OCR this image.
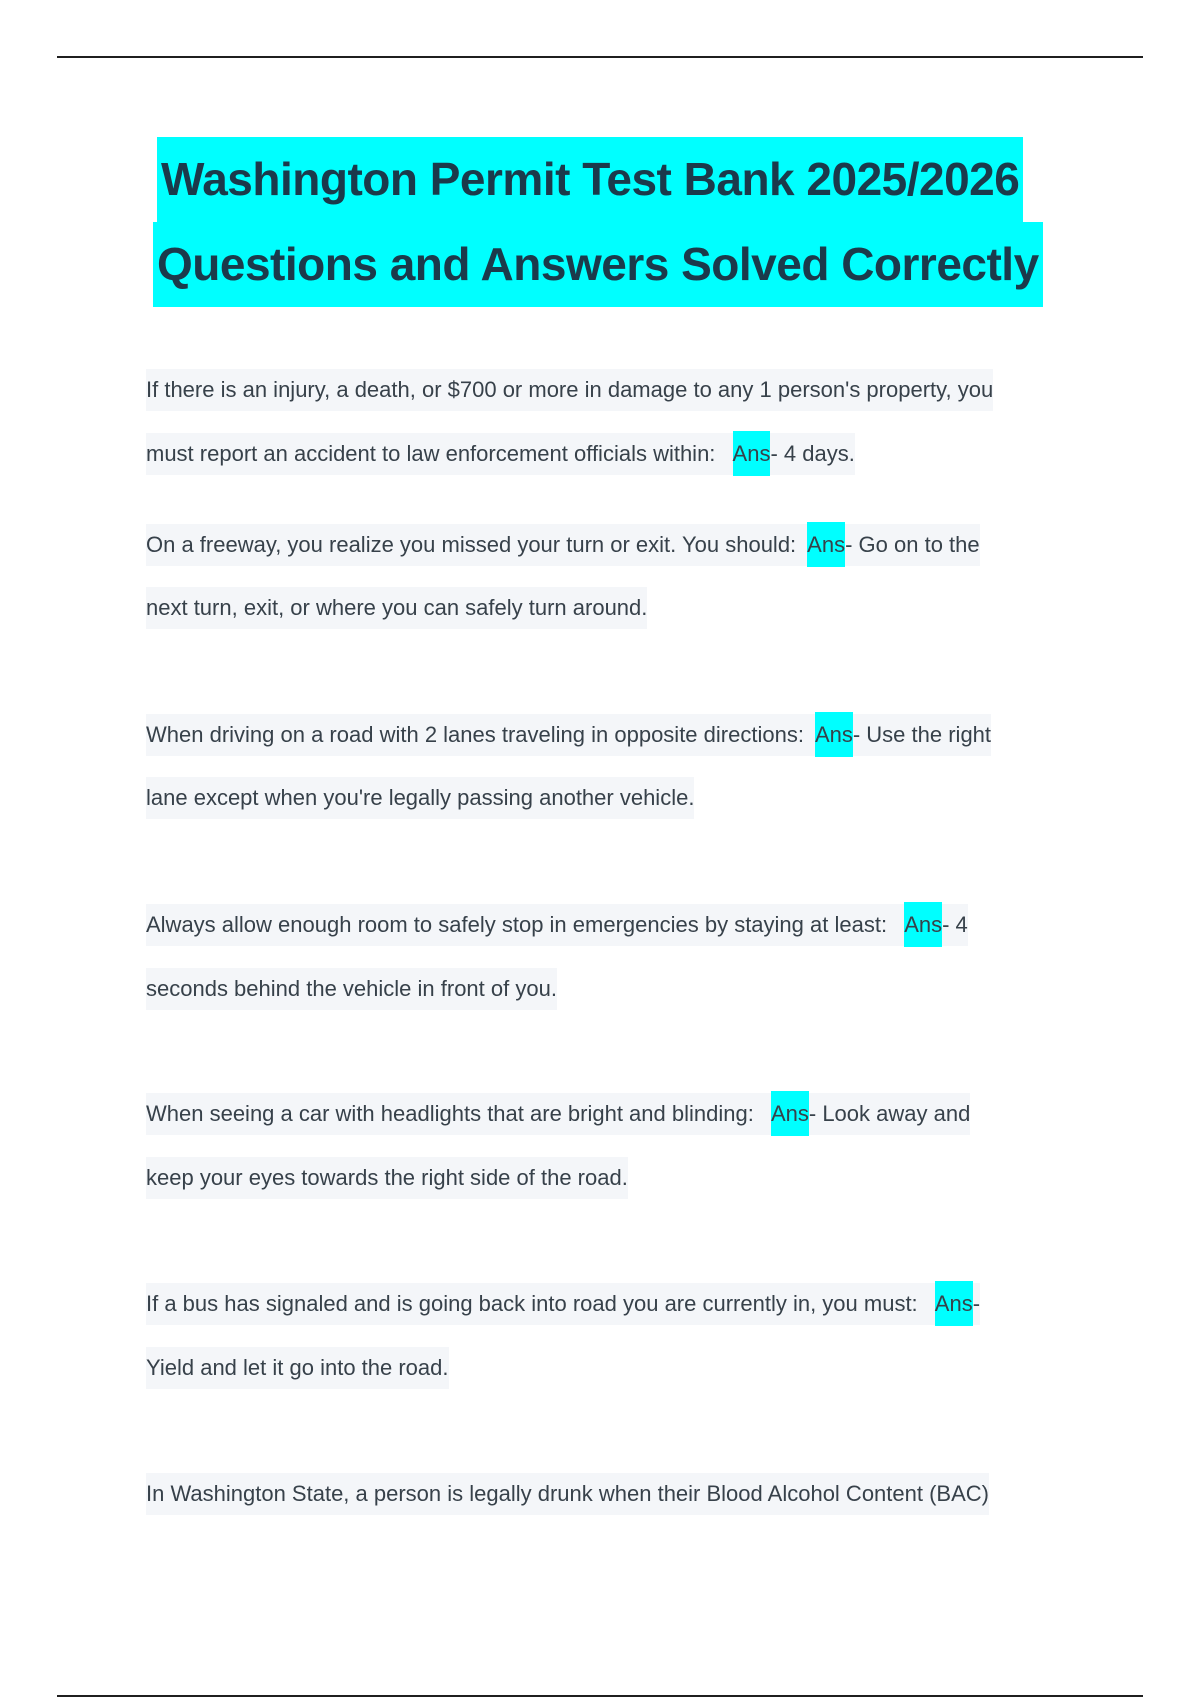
Washington Permit Test Bank 2025/2026
Questions and Answers Solved Correctly
If there is an injury, a death, or $700 or more in damage to any 1 person's property, you
must report an accident to law enforcement officials within:   Ans- 4 days.
On a freeway, you realize you missed your turn or exit. You should:  Ans- Go on to the
next turn, exit, or where you can safely turn around.
When driving on a road with 2 lanes traveling in opposite directions:  Ans- Use the right
lane except when you're legally passing another vehicle.
Always allow enough room to safely stop in emergencies by staying at least:   Ans- 4
seconds behind the vehicle in front of you.
When seeing a car with headlights that are bright and blinding:   Ans- Look away and
keep your eyes towards the right side of the road.
If a bus has signaled and is going back into road you are currently in, you must:   Ans-
Yield and let it go into the road.
In Washington State, a person is legally drunk when their Blood Alcohol Content (BAC)
